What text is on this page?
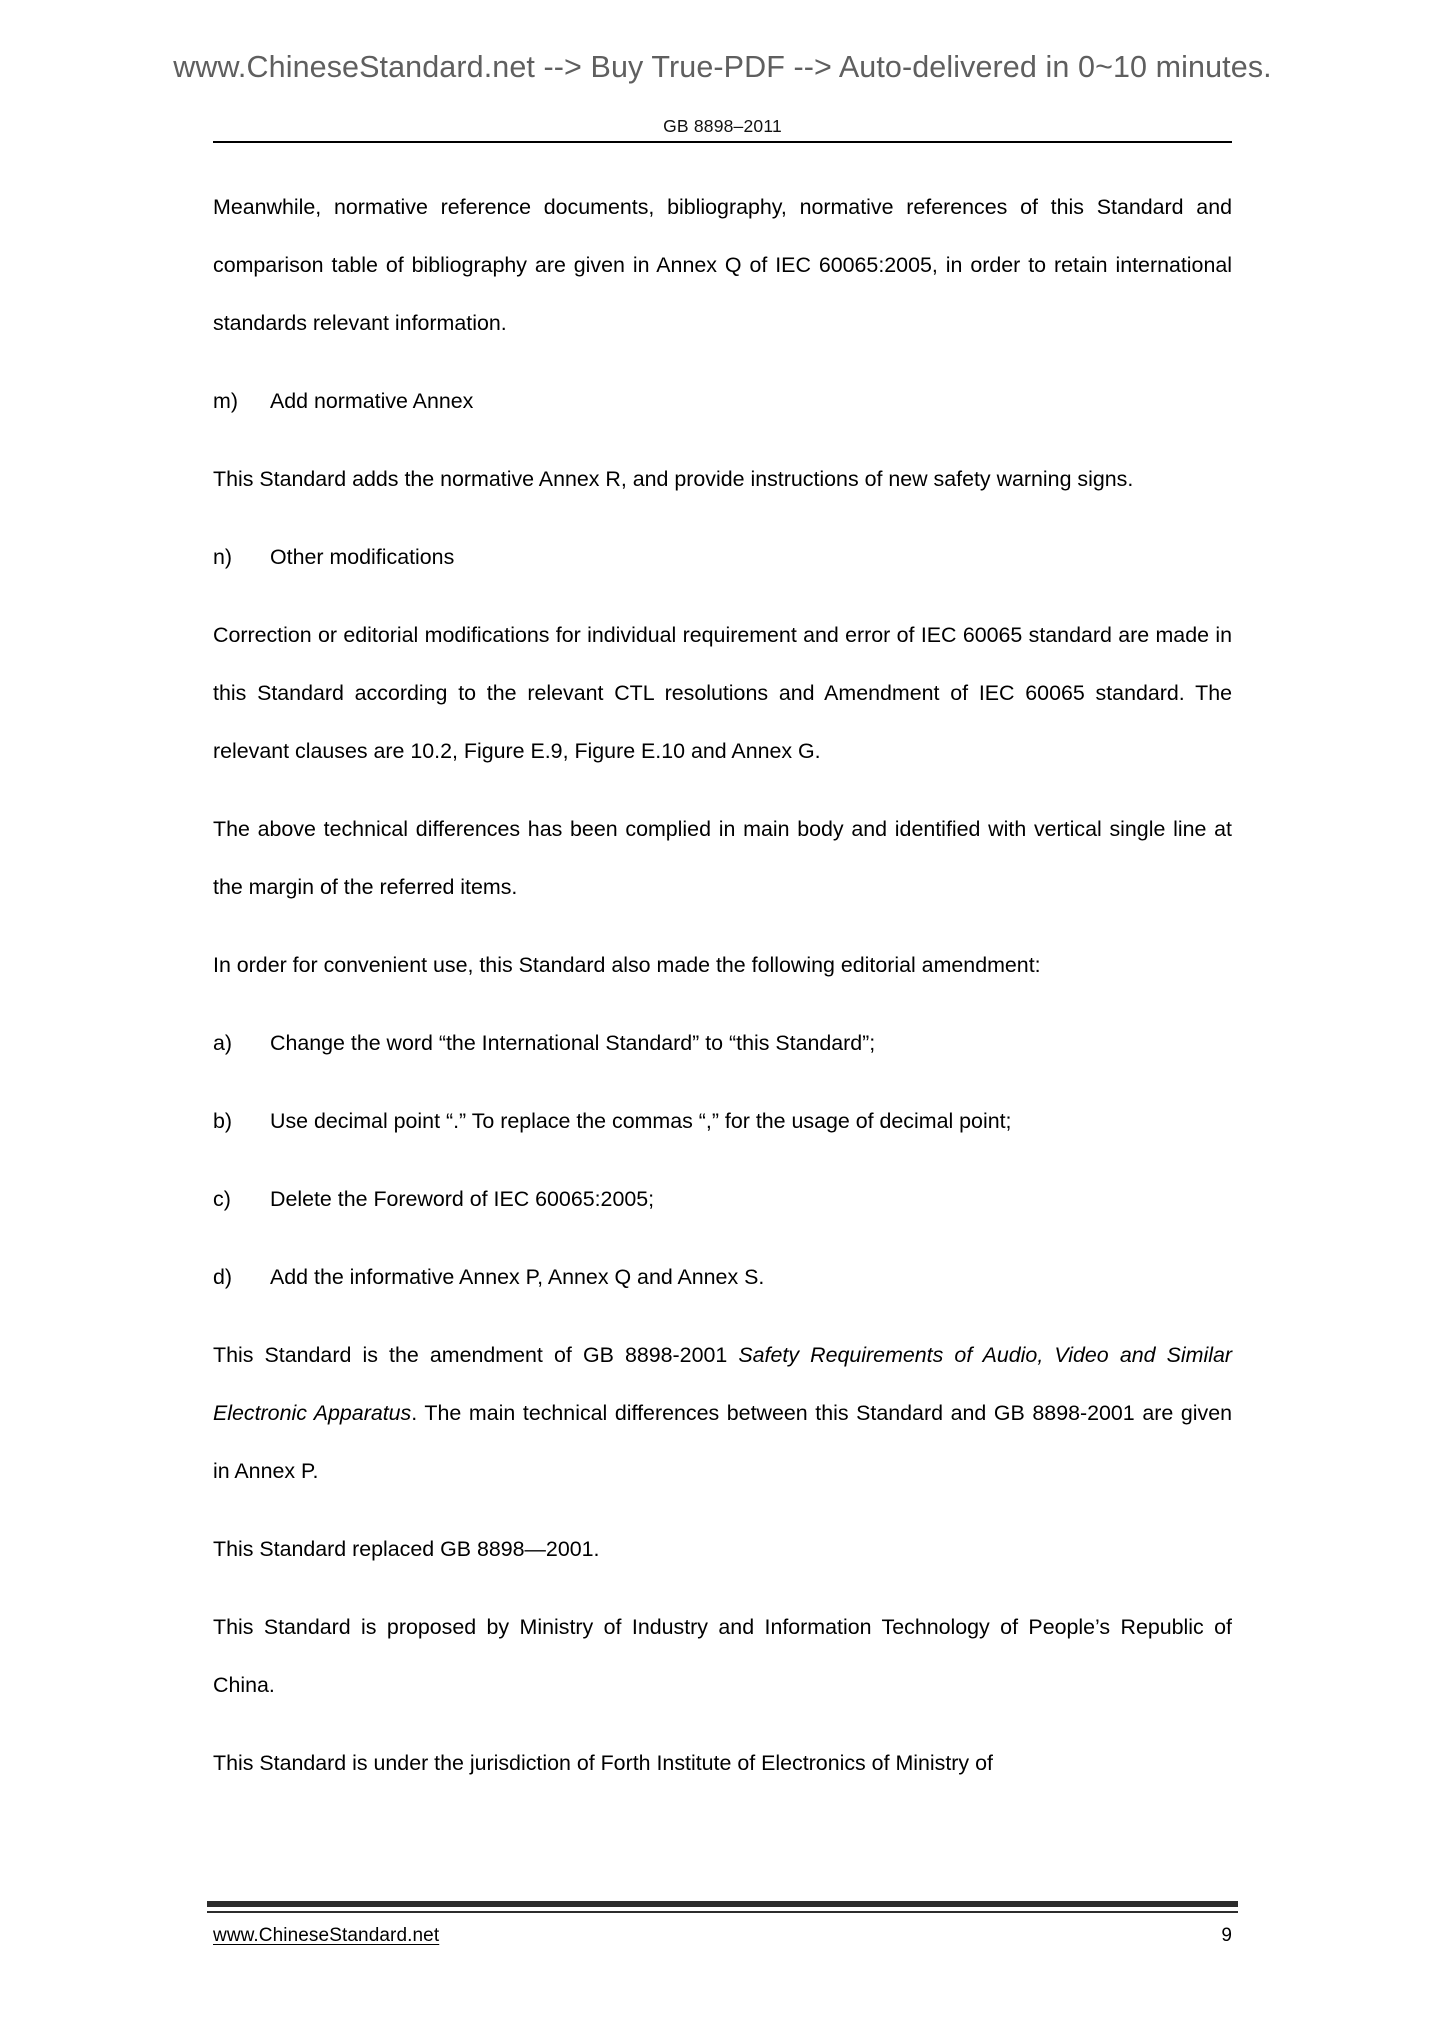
www.ChineseStandard.net --> Buy True-PDF --> Auto-delivered in 0~10 minutes.
GB 8898–2011

Meanwhile, normative reference documents, bibliography, normative references of this Standard and comparison table of bibliography are given in Annex Q of IEC 60065:2005, in order to retain international standards relevant information.

m)	Add normative Annex

This Standard adds the normative Annex R, and provide instructions of new safety warning signs.

n)	Other modifications

Correction or editorial modifications for individual requirement and error of IEC 60065 standard are made in this Standard according to the relevant CTL resolutions and Amendment of IEC 60065 standard. The relevant clauses are 10.2, Figure E.9, Figure E.10 and Annex G.

The above technical differences has been complied in main body and identified with vertical single line at the margin of the referred items.

In order for convenient use, this Standard also made the following editorial amendment:

a)	Change the word “the International Standard” to “this Standard”;
b)	Use decimal point “.” To replace the commas “,” for the usage of decimal point;
c)	Delete the Foreword of IEC 60065:2005;
d)	Add the informative Annex P, Annex Q and Annex S.

This Standard is the amendment of GB 8898-2001 Safety Requirements of Audio, Video and Similar Electronic Apparatus. The main technical differences between this Standard and GB 8898-2001 are given in Annex P.

This Standard replaced GB 8898—2001.

This Standard is proposed by Ministry of Industry and Information Technology of People’s Republic of China.

This Standard is under the jurisdiction of Forth Institute of Electronics of Ministry of

www.ChineseStandard.net	9
